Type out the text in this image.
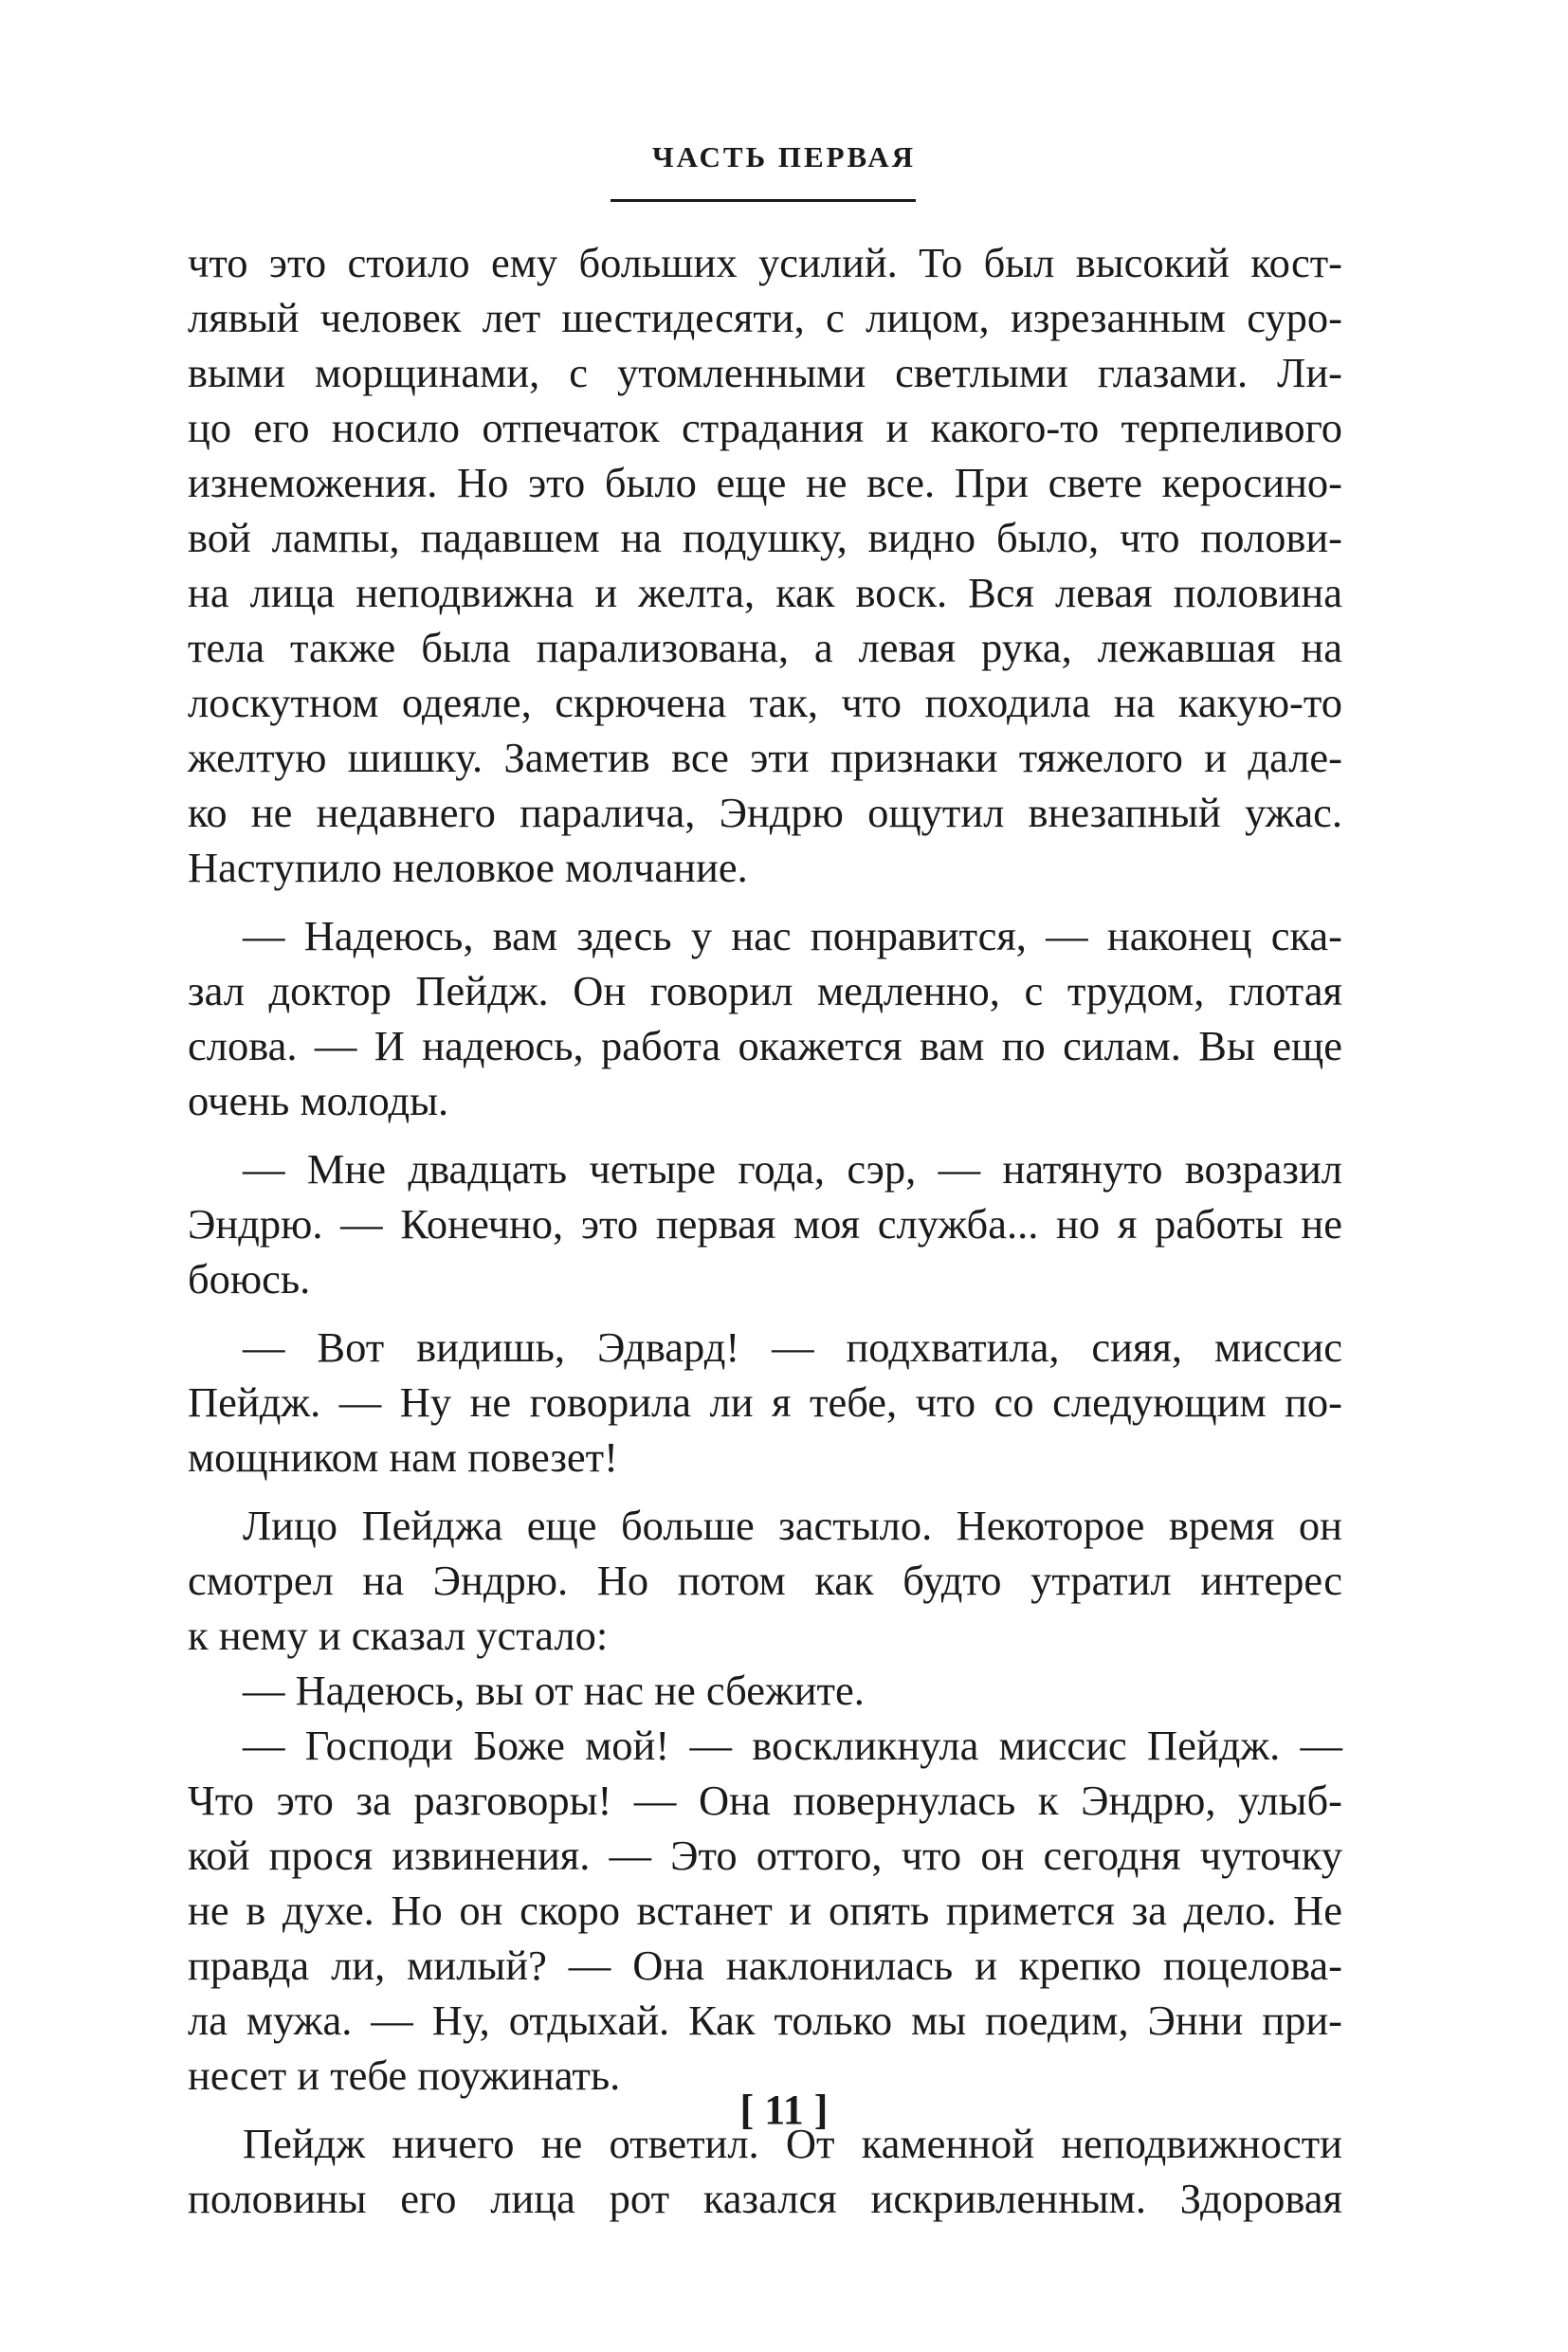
ЧАСТЬ ПЕРВАЯ
что это стоило ему больших усилий. То был высокий кост-
лявый человек лет шестидесяти, с лицом, изрезанным суро-
выми морщинами, с утомленными светлыми глазами. Ли-
цо его носило отпечаток страдания и какого-то терпеливого
изнеможения. Но это было еще не все. При свете керосино-
вой лампы, падавшем на подушку, видно было, что полови-
на лица неподвижна и желта, как воск. Вся левая половина
тела также была парализована, а левая рука, лежавшая на
лоскутном одеяле, скрючена так, что походила на какую-то
желтую шишку. Заметив все эти признаки тяжелого и дале-
ко не недавнего паралича, Эндрю ощутил внезапный ужас.
Наступило неловкое молчание.
— Надеюсь, вам здесь у нас понравится, — наконец ска-
зал доктор Пейдж. Он говорил медленно, с трудом, глотая
слова. — И надеюсь, работа окажется вам по силам. Вы еще
очень молоды.
— Мне двадцать четыре года, сэр, — натянуто возразил
Эндрю. — Конечно, это первая моя служба... но я работы не
боюсь.
— Вот видишь, Эдвард! — подхватила, сияя, миссис
Пейдж. — Ну не говорила ли я тебе, что со следующим по-
мощником нам повезет!
Лицо Пейджа еще больше застыло. Некоторое время он
смотрел на Эндрю. Но потом как будто утратил интерес
к нему и сказал устало:
— Надеюсь, вы от нас не сбежите.
— Господи Боже мой! — воскликнула миссис Пейдж. —
Что это за разговоры! — Она повернулась к Эндрю, улыб-
кой прося извинения. — Это оттого, что он сегодня чуточку
не в духе. Но он скоро встанет и опять примется за дело. Не
правда ли, милый? — Она наклонилась и крепко поцелова-
ла мужа. — Ну, отдыхай. Как только мы поедим, Энни при-
несет и тебе поужинать.
Пейдж ничего не ответил. От каменной неподвижности
половины его лица рот казался искривленным. Здоровая
[ 11 ]
